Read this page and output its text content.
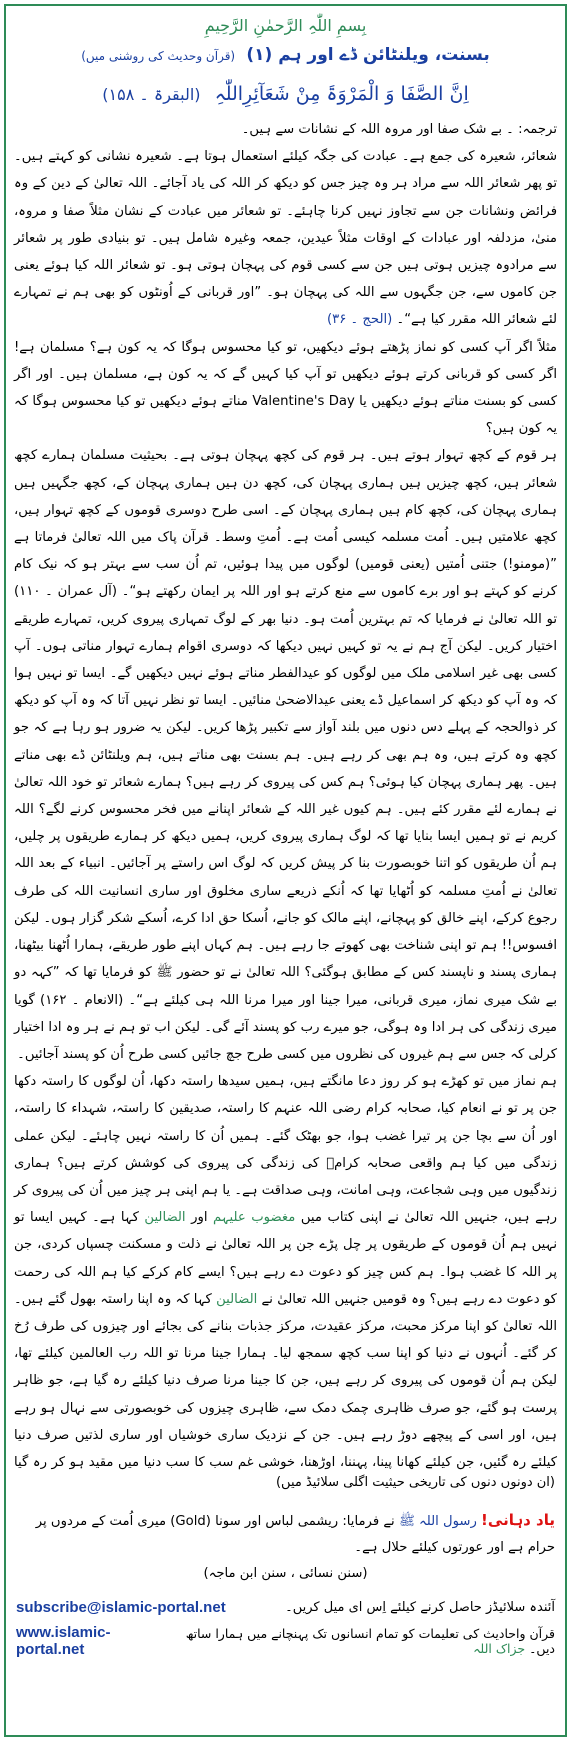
بِسمِ اللّٰہِ الرَّحمٰنِ الرَّحِیمِ
بسنت، ویلنٹائن ڈے اور ہم (۱) (قرآن وحدیث کی روشنی میں)
اِنَّ الصَّفَا وَ الْمَرْوَۃَ مِنْ شَعَآئِرِاللّٰہِ (البقرۃ ۔ ۱۵۸)

ترجمہ: ۔ بے شک صفا اور مروہ اللہ کے نشانات سے ہیں۔

شعائر، شعیرہ کی جمع ہے۔ عبادت کی جگہ کیلئے استعمال ہوتا ہے۔ شعیرہ نشانی کو کہتے ہیں۔ تو پھر شعائر اللہ سے مراد ہر وہ چیز جس کو دیکھ کر اللہ کی یاد آجائے۔ اللہ تعالیٰ کے دین کے وہ فرائض ونشانات جن سے تجاوز نہیں کرنا چاہئے۔ تو شعائر میں عبادت کے نشان مثلاً صفا و مروہ، منیٰ، مزدلفہ اور عبادات کے اوقات مثلاً عیدین، جمعہ وغیرہ شامل ہیں۔ تو بنیادی طور پر شعائر سے مرادوہ چیزیں ہوتی ہیں جن سے کسی قوم کی پہچان ہوتی ہو۔ تو شعائر اللہ کیا ہوئے یعنی جن کاموں سے، جن جگہوں سے اللہ کی پہچان ہو۔ ”اور قربانی کے اُونٹوں کو بھی ہم نے تمہارے لئے شعائر اللہ مقرر کیا ہے“۔ (الحج ۔ ۳۶)

مثلاً اگر آپ کسی کو نماز پڑھتے ہوئے دیکھیں، تو کیا محسوس ہوگا کہ یہ کون ہے؟ مسلمان ہے! اگر کسی کو قربانی کرتے ہوئے دیکھیں تو آپ کیا کہیں گے کہ یہ کون ہے، مسلمان ہیں۔ اور اگر کسی کو بسنت مناتے ہوئے دیکھیں یا Valentine's Day مناتے ہوئے دیکھیں تو کیا محسوس ہوگا کہ یہ کون ہیں؟

ہر قوم کے کچھ تہوار ہوتے ہیں۔ ہر قوم کی کچھ پہچان ہوتی ہے۔ بحیثیت مسلمان ہمارے کچھ شعائر ہیں، کچھ چیزیں ہیں ہماری پہچان کی، کچھ دن ہیں ہماری پہچان کے، کچھ جگہیں ہیں ہماری پہچان کی، کچھ کام ہیں ہماری پہچان کے۔ اسی طرح دوسری قوموں کے کچھ تہوار ہیں، کچھ علامتیں ہیں۔ اُمت مسلمہ کیسی اُمت ہے۔ اُمتِ وسط۔ قرآن پاک میں اللہ تعالیٰ فرماتا ہے ”(مومنو!) جتنی اُمتیں (یعنی قومیں) لوگوں میں پیدا ہوئیں، تم اُن سب سے بہتر ہو کہ نیک کام کرنے کو کہتے ہو اور برے کاموں سے منع کرتے ہو اور اللہ پر ایمان رکھتے ہو“۔ (آل عمران ۔ ۱۱۰) تو اللہ تعالیٰ نے فرمایا کہ تم بہترین اُمت ہو۔ دنیا بھر کے لوگ تمہاری پیروی کریں، تمہارے طریقے اختیار کریں۔ لیکن آج ہم نے یہ تو کہیں نہیں دیکھا کہ دوسری اقوام ہمارے تہوار مناتی ہوں۔ آپ کسی بھی غیر اسلامی ملک میں لوگوں کو عیدالفطر مناتے ہوئے نہیں دیکھیں گے۔ ایسا تو نہیں ہوا کہ وہ آپ کو دیکھ کر اسماعیل ڈے یعنی عیدالاضحیٰ منائیں۔ ایسا تو نظر نہیں آتا کہ وہ آپ کو دیکھ کر ذوالحجہ کے پہلے دس دنوں میں بلند آواز سے تکبیر پڑھا کریں۔ لیکن یہ ضرور ہو رہا ہے کہ جو کچھ وہ کرتے ہیں، وہ ہم بھی کر رہے ہیں۔ ہم بسنت بھی مناتے ہیں، ہم ویلنٹائن ڈے بھی مناتے ہیں۔ پھر ہماری پہچان کیا ہوئی؟ ہم کس کی پیروی کر رہے ہیں؟ ہمارے شعائر تو خود اللہ تعالیٰ نے ہمارے لئے مقرر کئے ہیں۔ ہم کیوں غیر اللہ کے شعائر اپنانے میں فخر محسوس کرنے لگے؟ اللہ کریم نے تو ہمیں ایسا بنایا تھا کہ لوگ ہماری پیروی کریں، ہمیں دیکھ کر ہمارے طریقوں پر چلیں، ہم اُن طریقوں کو اتنا خوبصورت بنا کر پیش کریں کہ لوگ اس راستے پر آجائیں۔ انبیاء کے بعد اللہ تعالیٰ نے اُمتِ مسلمہ کو اُٹھایا تھا کہ اُنکے ذریعے ساری مخلوق اور ساری انسانیت اللہ کی طرف رجوع کرکے، اپنے خالق کو پہچانے، اپنے مالک کو جانے، اُسکا حق ادا کرے، اُسکے شکر گزار ہوں۔ لیکن افسوس!! ہم تو اپنی شناخت بھی کھوتے جا رہے ہیں۔ ہم کہاں اپنے طور طریقے، ہمارا اُٹھنا بیٹھنا، ہماری پسند و ناپسند کس کے مطابق ہوگئی؟ اللہ تعالیٰ نے تو حضور ﷺ کو فرمایا تھا کہ ”کہہ دو بے شک میری نماز، میری قربانی، میرا جینا اور میرا مرنا اللہ ہی کیلئے ہے“۔ (الانعام ۔ ۱۶۲) گویا میری زندگی کی ہر ادا وہ ہوگی، جو میرے رب کو پسند آئے گی۔ لیکن اب تو ہم نے ہر وہ ادا اختیار کرلی کہ جس سے ہم غیروں کی نظروں میں کسی طرح جچ جائیں کسی طرح اُن کو پسند آجائیں۔

ہم نماز میں تو کھڑے ہو کر روز دعا مانگتے ہیں، ہمیں سیدھا راستہ دکھا، اُن لوگوں کا راستہ دکھا جن پر تو نے انعام کیا، صحابہ کرام رضی اللہ عنہم کا راستہ، صدیقین کا راستہ، شہداء کا راستہ، اور اُن سے بچا جن پر تیرا غضب ہوا، جو بھٹک گئے۔ ہمیں اُن کا راستہ نہیں چاہئے۔ لیکن عملی زندگی میں کیا ہم واقعی صحابہ کرامؓ کی زندگی کی پیروی کی کوشش کرتے ہیں؟ ہماری زندگیوں میں وہی شجاعت، وہی امانت، وہی صداقت ہے۔ یا ہم اپنی ہر چیز میں اُن کی پیروی کر رہے ہیں، جنہیں اللہ تعالیٰ نے اپنی کتاب میں مغضوب علیہم اور الضالین کہا ہے۔ کہیں ایسا تو نہیں ہم اُن قوموں کے طریقوں پر چل پڑے جن پر اللہ تعالیٰ نے ذلت و مسکنت چسپاں کردی، جن پر اللہ کا غضب ہوا۔ ہم کس چیز کو دعوت دے رہے ہیں؟ ایسے کام کرکے کیا ہم اللہ کی رحمت کو دعوت دے رہے ہیں؟ وہ قومیں جنہیں اللہ تعالیٰ نے الضالین کہا کہ وہ اپنا راستہ بھول گئے ہیں۔ اللہ تعالیٰ کو اپنا مرکز محبت، مرکز عقیدت، مرکز جذبات بنانے کی بجائے اور چیزوں کی طرف رُخ کر گئے۔ اُنہوں نے دنیا کو اپنا سب کچھ سمجھ لیا۔ ہمارا جینا مرنا تو اللہ رب العالمین کیلئے تھا، لیکن ہم اُن قوموں کی پیروی کر رہے ہیں، جن کا جینا مرنا صرف دنیا کیلئے رہ گیا ہے، جو ظاہر پرست ہو گئے، جو صرف ظاہری چمک دمک سے، ظاہری چیزوں کی خوبصورتی سے نہال ہو رہے ہیں، اور اسی کے پیچھے دوڑ رہے ہیں۔ جن کے نزدیک ساری خوشیاں اور ساری لذتیں صرف دنیا کیلئے رہ گئیں، جن کیلئے کھانا پینا، پہننا، اوڑھنا، خوشی غم سب کا سب دنیا میں مقید ہو کر رہ گیا

(ان دونوں دنوں کی تاریخی حیثیت اگلی سلائیڈ میں)
یاد دہانی! رسول اللہ ﷺ نے فرمایا: ریشمی لباس اور سونا (Gold) میری اُمت کے مردوں پر حرام ہے اور عورتوں کیلئے حلال ہے۔
(سنن نسائی ، سنن ابن ماجہ)
subscribe@islamic-portal.net	آئندہ سلائیڈز حاصل کرنے کیلئے اِس ای میل کریں۔
www.islamic-portal.net
قرآن واحادیث کی تعلیمات کو تمام انسانوں تک پہنچانے میں ہمارا ساتھ دیں۔ جزاک اللہ
